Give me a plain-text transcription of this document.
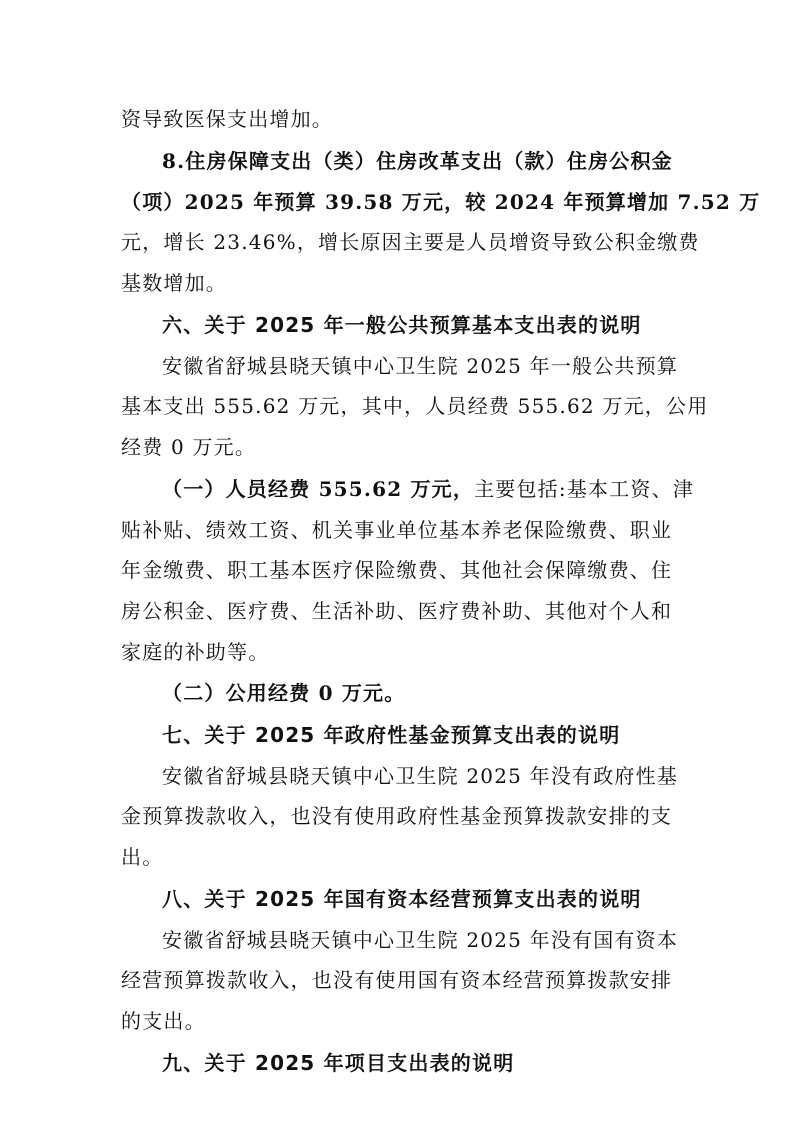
资导致医保支出增加。
8.住房保障支出（类）住房改革支出（款）住房公积金
（项）2025 年预算 39.58 万元，较 2024 年预算增加 7.52 万
元，增长 23.46%，增长原因主要是人员增资导致公积金缴费
基数增加。
六、关于 2025 年一般公共预算基本支出表的说明
安徽省舒城县晓天镇中心卫生院 2025 年一般公共预算
基本支出 555.62 万元，其中，人员经费 555.62 万元，公用
经费 0 万元。
（一）人员经费 555.62 万元，主要包括:基本工资、津
贴补贴、绩效工资、机关事业单位基本养老保险缴费、职业
年金缴费、职工基本医疗保险缴费、其他社会保障缴费、住
房公积金、医疗费、生活补助、医疗费补助、其他对个人和
家庭的补助等。
（二）公用经费 0 万元。
七、关于 2025 年政府性基金预算支出表的说明
安徽省舒城县晓天镇中心卫生院 2025 年没有政府性基
金预算拨款收入，也没有使用政府性基金预算拨款安排的支
出。
八、关于 2025 年国有资本经营预算支出表的说明
安徽省舒城县晓天镇中心卫生院 2025 年没有国有资本
经营预算拨款收入，也没有使用国有资本经营预算拨款安排
的支出。
九、关于 2025 年项目支出表的说明
